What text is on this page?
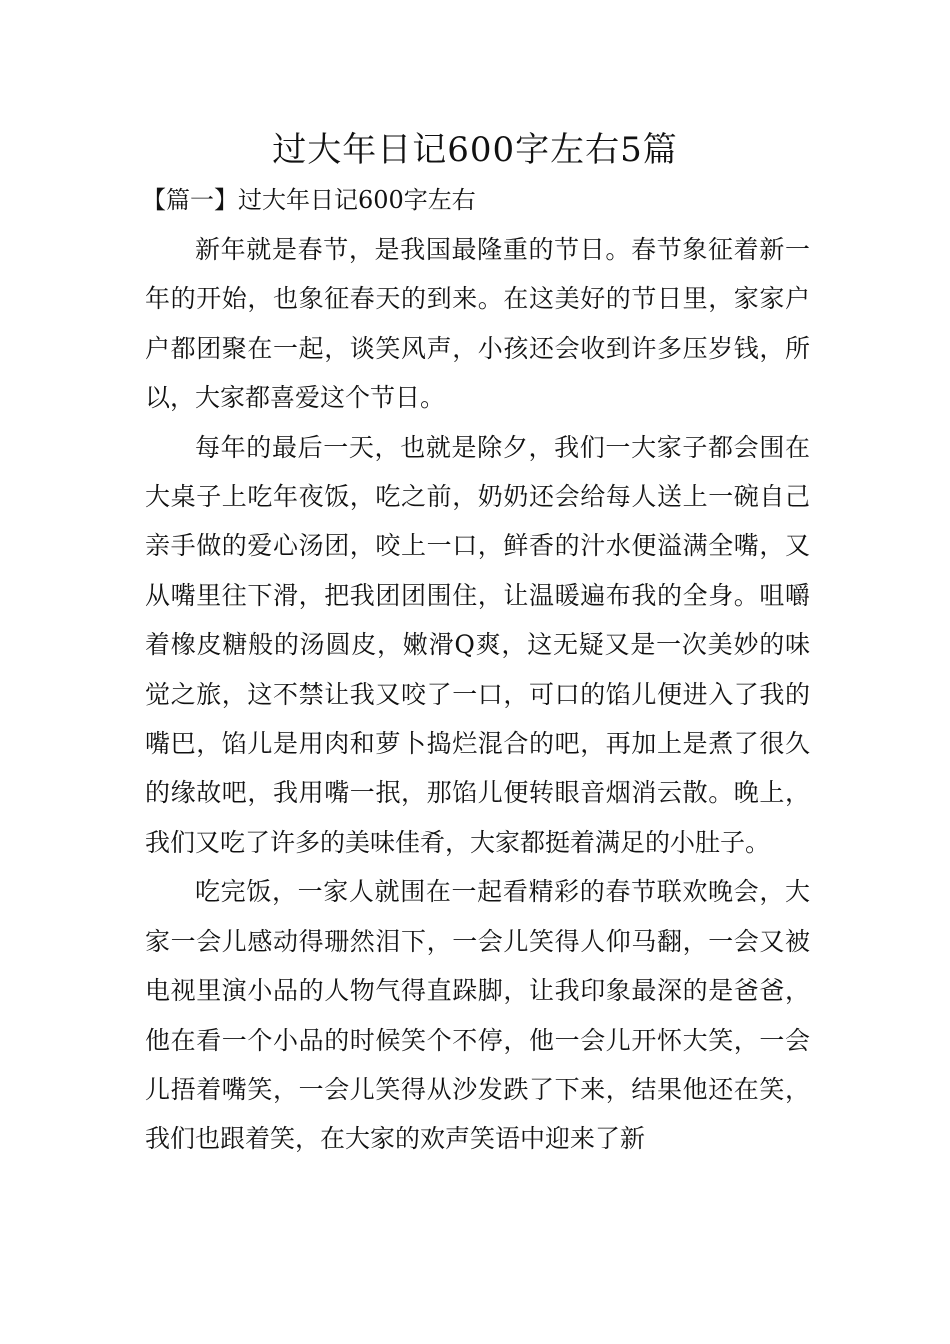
过大年日记600字左右5篇

【篇一】过大年日记600字左右

新年就是春节，是我国最隆重的节日。春节象征着新一年的开始，也象征春天的到来。在这美好的节日里，家家户户都团聚在一起，谈笑风声，小孩还会收到许多压岁钱，所以，大家都喜爱这个节日。

每年的最后一天，也就是除夕，我们一大家子都会围在大桌子上吃年夜饭，吃之前，奶奶还会给每人送上一碗自己亲手做的爱心汤团，咬上一口，鲜香的汁水便溢满全嘴，又从嘴里往下滑，把我团团围住，让温暖遍布我的全身。咀嚼着橡皮糖般的汤圆皮，嫩滑Q爽，这无疑又是一次美妙的味觉之旅，这不禁让我又咬了一口，可口的馅儿便进入了我的嘴巴，馅儿是用肉和萝卜捣烂混合的吧，再加上是煮了很久的缘故吧，我用嘴一抿，那馅儿便转眼音烟消云散。晚上，我们又吃了许多的美味佳肴，大家都挺着满足的小肚子。

吃完饭，一家人就围在一起看精彩的春节联欢晚会，大家一会儿感动得珊然泪下，一会儿笑得人仰马翻，一会又被电视里演小品的人物气得直跺脚，让我印象最深的是爸爸，他在看一个小品的时候笑个不停，他一会儿开怀大笑，一会儿捂着嘴笑，一会儿笑得从沙发跌了下来，结果他还在笑，我们也跟着笑，在大家的欢声笑语中迎来了新
